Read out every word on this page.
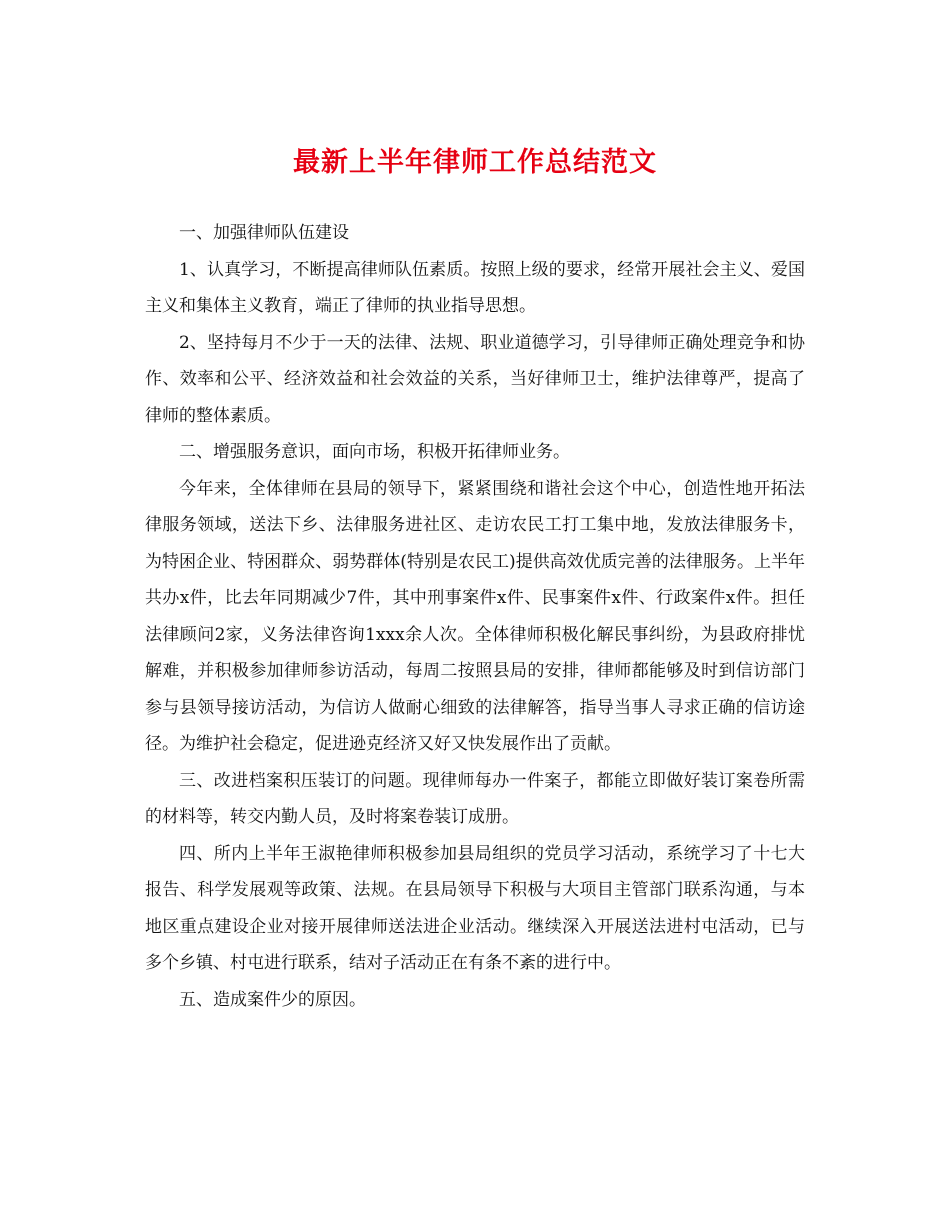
最新上半年律师工作总结范文

一、加强律师队伍建设

1、认真学习，不断提高律师队伍素质。按照上级的要求，经常开展社会主义、爱国主义和集体主义教育，端正了律师的执业指导思想。

2、坚持每月不少于一天的法律、法规、职业道德学习，引导律师正确处理竞争和协作、效率和公平、经济效益和社会效益的关系，当好律师卫士，维护法律尊严，提高了律师的整体素质。

二、增强服务意识，面向市场，积极开拓律师业务。

今年来，全体律师在县局的领导下，紧紧围绕和谐社会这个中心，创造性地开拓法律服务领域，送法下乡、法律服务进社区、走访农民工打工集中地，发放法律服务卡，为特困企业、特困群众、弱势群体(特别是农民工)提供高效优质完善的法律服务。上半年共办x件，比去年同期减少7件，其中刑事案件x件、民事案件x件、行政案件x件。担任法律顾问2家，义务法律咨询1xxx余人次。全体律师积极化解民事纠纷，为县政府排忧解难，并积极参加律师参访活动，每周二按照县局的安排，律师都能够及时到信访部门参与县领导接访活动，为信访人做耐心细致的法律解答，指导当事人寻求正确的信访途径。为维护社会稳定，促进逊克经济又好又快发展作出了贡献。

三、改进档案积压装订的问题。现律师每办一件案子，都能立即做好装订案卷所需的材料等，转交内勤人员，及时将案卷装订成册。

四、所内上半年王淑艳律师积极参加县局组织的党员学习活动，系统学习了十七大报告、科学发展观等政策、法规。在县局领导下积极与大项目主管部门联系沟通，与本地区重点建设企业对接开展律师送法进企业活动。继续深入开展送法进村屯活动，已与多个乡镇、村屯进行联系，结对子活动正在有条不紊的进行中。

五、造成案件少的原因。
